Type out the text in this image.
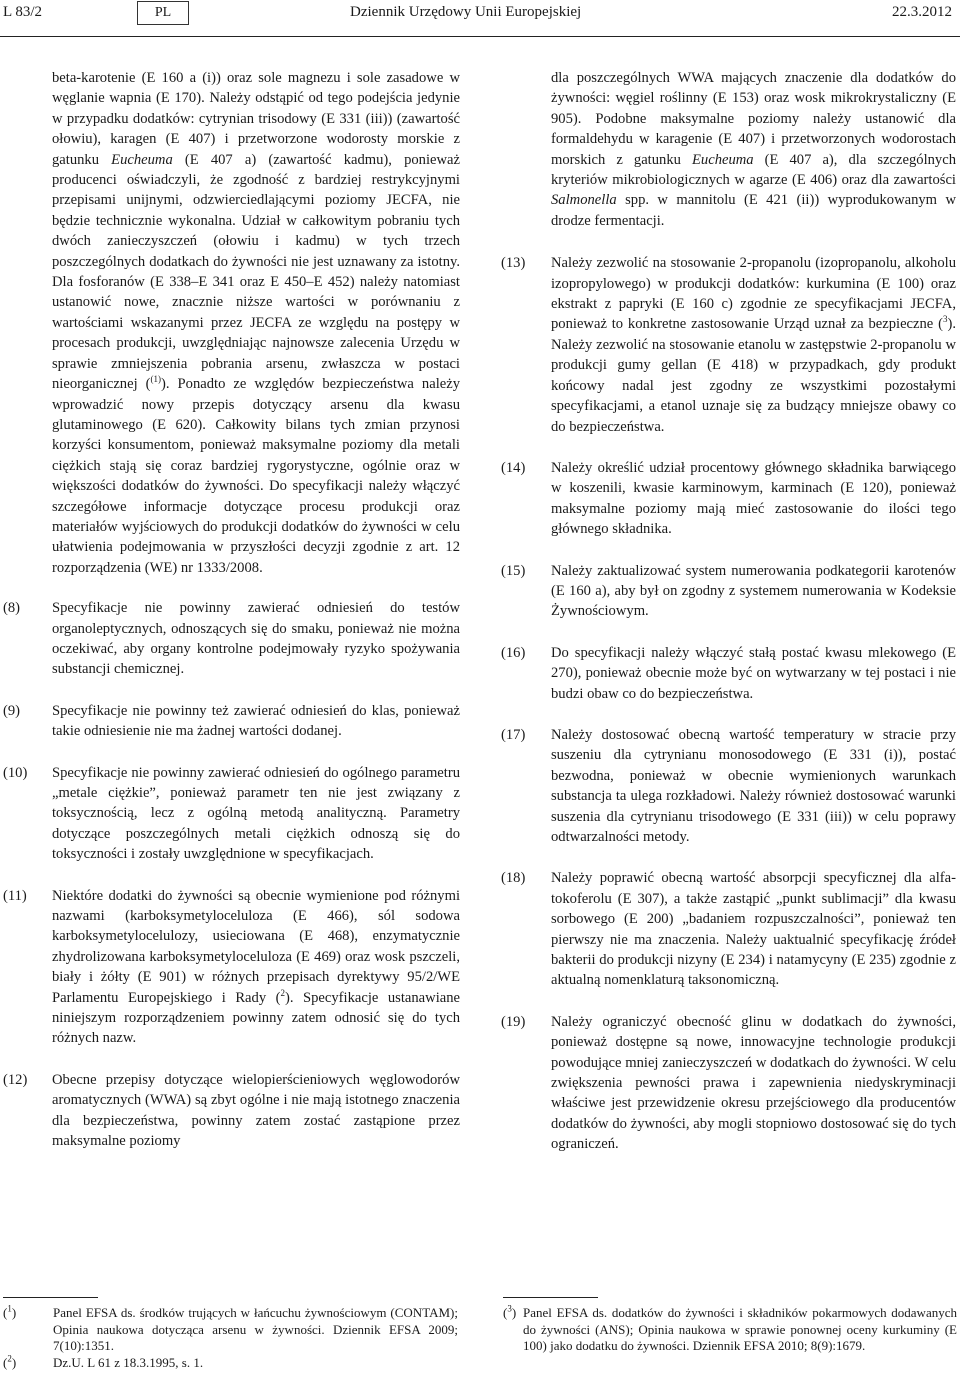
L 83/2	PL	Dziennik Urzędowy Unii Europejskiej	22.3.2012

beta-karotenie (E 160 a (i)) oraz sole magnezu i sole zasadowe w węglanie wapnia (E 170). Należy odstąpić od tego podejścia jedynie w przypadku dodatków: cytrynian trisodowy (E 331 (iii)) (zawartość ołowiu), karagen (E 407) i przetworzone wodorosty morskie z gatunku Eucheuma (E 407 a) (zawartość kadmu), ponieważ producenci oświadczyli, że zgodność z bardziej restrykcyjnymi przepisami unijnymi, odzwierciedlającymi poziomy JECFA, nie będzie technicznie wykonalna. Udział w całkowitym pobraniu tych dwóch zanieczyszczeń (ołowiu i kadmu) w tych trzech poszczególnych dodatkach do żywności nie jest uznawany za istotny. Dla fosforanów (E 338–E 341 oraz E 450–E 452) należy natomiast ustanowić nowe, znacznie niższe wartości w porównaniu z wartościami wskazanymi przez JECFA ze względu na postępy w procesach produkcji, uwzględniając najnowsze zalecenia Urzędu w sprawie zmniejszenia pobrania arsenu, zwłaszcza w postaci nieorganicznej ($^{(1)}$). Ponadto ze względów bezpieczeństwa należy wprowadzić nowy przepis dotyczący arsenu dla kwasu glutaminowego (E 620). Całkowity bilans tych zmian przynosi korzyści konsumentom, ponieważ maksymalne poziomy dla metali ciężkich stają się coraz bardziej rygorystyczne, ogólnie oraz w większości dodatków do żywności. Do specyfikacji należy włączyć szczegółowe informacje dotyczące procesu produkcji oraz materiałów wyjściowych do produkcji dodatków do żywności w celu ułatwienia podejmowania w przyszłości decyzji zgodnie z art. 12 rozporządzenia (WE) nr 1333/2008.

(8)	Specyfikacje nie powinny zawierać odniesień do testów organoleptycznych, odnoszących się do smaku, ponieważ nie można oczekiwać, aby organy kontrolne podejmowały ryzyko spożywania substancji chemicznej.

(9)	Specyfikacje nie powinny też zawierać odniesień do klas, ponieważ takie odniesienie nie ma żadnej wartości dodanej.

(10)	Specyfikacje nie powinny zawierać odniesień do ogólnego parametru „metale ciężkie”, ponieważ parametr ten nie jest związany z toksycznością, lecz z ogólną metodą analityczną. Parametry dotyczące poszczególnych metali ciężkich odnoszą się do toksyczności i zostały uwzględnione w specyfikacjach.

(11)	Niektóre dodatki do żywności są obecnie wymienione pod różnymi nazwami (karboksymetyloceluloza (E 466), sól sodowa karboksymetylocelulozy, usieciowana (E 468), enzymatycznie zhydrolizowana karboksymetyloceluloza (E 469) oraz wosk pszczeli, biały i żółty (E 901) w różnych przepisach dyrektywy 95/2/WE Parlamentu Europejskiego i Rady ($^2$). Specyfikacje ustanawiane niniejszym rozporządzeniem powinny zatem odnosić się do tych różnych nazw.

(12)	Obecne przepisy dotyczące wielopierścieniowych węglowodorów aromatycznych (WWA) są zbyt ogólne i nie mają istotnego znaczenia dla bezpieczeństwa, powinny zatem zostać zastąpione przez maksymalne poziomy

dla poszczególnych WWA mających znaczenie dla dodatków do żywności: węgiel roślinny (E 153) oraz wosk mikrokrystaliczny (E 905). Podobne maksymalne poziomy należy ustanowić dla formaldehydu w karagenie (E 407) i przetworzonych wodorostach morskich z gatunku Eucheuma (E 407 a), dla szczególnych kryteriów mikrobiologicznych w agarze (E 406) oraz dla zawartości Salmonella spp. w mannitolu (E 421 (ii)) wyprodukowanym w drodze fermentacji.

(13)	Należy zezwolić na stosowanie 2-propanolu (izopropanolu, alkoholu izopropylowego) w produkcji dodatków: kurkumina (E 100) oraz ekstrakt z papryki (E 160 c) zgodnie ze specyfikacjami JECFA, ponieważ to konkretne zastosowanie Urząd uznał za bezpieczne ($^3$). Należy zezwolić na stosowanie etanolu w zastępstwie 2-propanolu w produkcji gumy gellan (E 418) w przypadkach, gdy produkt końcowy nadal jest zgodny ze wszystkimi pozostałymi specyfikacjami, a etanol uznaje się za budzący mniejsze obawy co do bezpieczeństwa.

(14)	Należy określić udział procentowy głównego składnika barwiącego w koszenili, kwasie karminowym, karminach (E 120), ponieważ maksymalne poziomy mają mieć zastosowanie do ilości tego głównego składnika.

(15)	Należy zaktualizować system numerowania podkategorii karotenów (E 160 a), aby był on zgodny z systemem numerowania w Kodeksie Żywnościowym.

(16)	Do specyfikacji należy włączyć stałą postać kwasu mlekowego (E 270), ponieważ obecnie może być on wytwarzany w tej postaci i nie budzi obaw co do bezpieczeństwa.

(17)	Należy dostosować obecną wartość temperatury w stracie przy suszeniu dla cytrynianu monosodowego (E 331 (i)), postać bezwodna, ponieważ w obecnie wymienionych warunkach substancja ta ulega rozkładowi. Należy również dostosować warunki suszenia dla cytrynianu trisodowego (E 331 (iii)) w celu poprawy odtwarzalności metody.

(18)	Należy poprawić obecną wartość absorpcji specyficznej dla alfa-tokoferolu (E 307), a także zastąpić „punkt sublimacji” dla kwasu sorbowego (E 200) „badaniem rozpuszczalności”, ponieważ ten pierwszy nie ma znaczenia. Należy uaktualnić specyfikację źródeł bakterii do produkcji nizyny (E 234) i natamycyny (E 235) zgodnie z aktualną nomenklaturą taksonomiczną.

(19)	Należy ograniczyć obecność glinu w dodatkach do żywności, ponieważ dostępne są nowe, innowacyjne technologie produkcji powodujące mniej zanieczyszczeń w dodatkach do żywności. W celu zwiększenia pewności prawa i zapewnienia niedyskryminacji właściwe jest przewidzenie okresu przejściowego dla producentów dodatków do żywności, aby mogli stopniowo dostosować się do tych ograniczeń.

($^1$)	Panel EFSA ds. środków trujących w łańcuchu żywnościowym (CONTAM); Opinia naukowa dotycząca arsenu w żywności. Dziennik EFSA 2009; 7(10):1351.
($^2$)	Dz.U. L 61 z 18.3.1995, s. 1.
($^3$) Panel EFSA ds. dodatków do żywności i składników pokarmowych dodawanych do żywności (ANS); Opinia naukowa w sprawie ponownej oceny kurkuminy (E 100) jako dodatku do żywności. Dziennik EFSA 2010; 8(9):1679.
